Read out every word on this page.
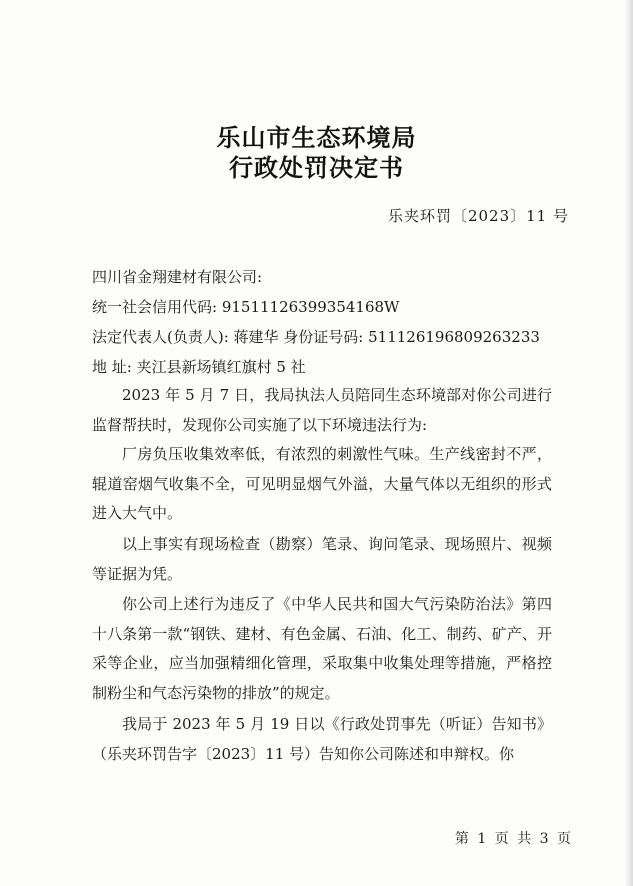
乐山市生态环境局
行政处罚决定书
乐夹环罚〔2023〕11 号
四川省金翔建材有限公司:
统一社会信用代码: 91511126399354168W
法定代表人(负责人): 蒋建华 身份证号码: 511126196809263233
地 址: 夹江县新场镇红旗村 5 社
2023 年 5 月 7 日，我局执法人员陪同生态环境部对你公司进行监督帮扶时，发现你公司实施了以下环境违法行为:
厂房负压收集效率低，有浓烈的刺激性气味。生产线密封不严，辊道窑烟气收集不全，可见明显烟气外溢，大量气体以无组织的形式进入大气中。
以上事实有现场检查（勘察）笔录、询问笔录、现场照片、视频等证据为凭。
你公司上述行为违反了《中华人民共和国大气污染防治法》第四十八条第一款“钢铁、建材、有色金属、石油、化工、制药、矿产、开采等企业，应当加强精细化管理，采取集中收集处理等措施，严格控制粉尘和气态污染物的排放”的规定。
我局于 2023 年 5 月 19 日以《行政处罚事先（听证）告知书》（乐夹环罚告字〔2023〕11 号）告知你公司陈述和申辩权。你
第 1 页 共 3 页
